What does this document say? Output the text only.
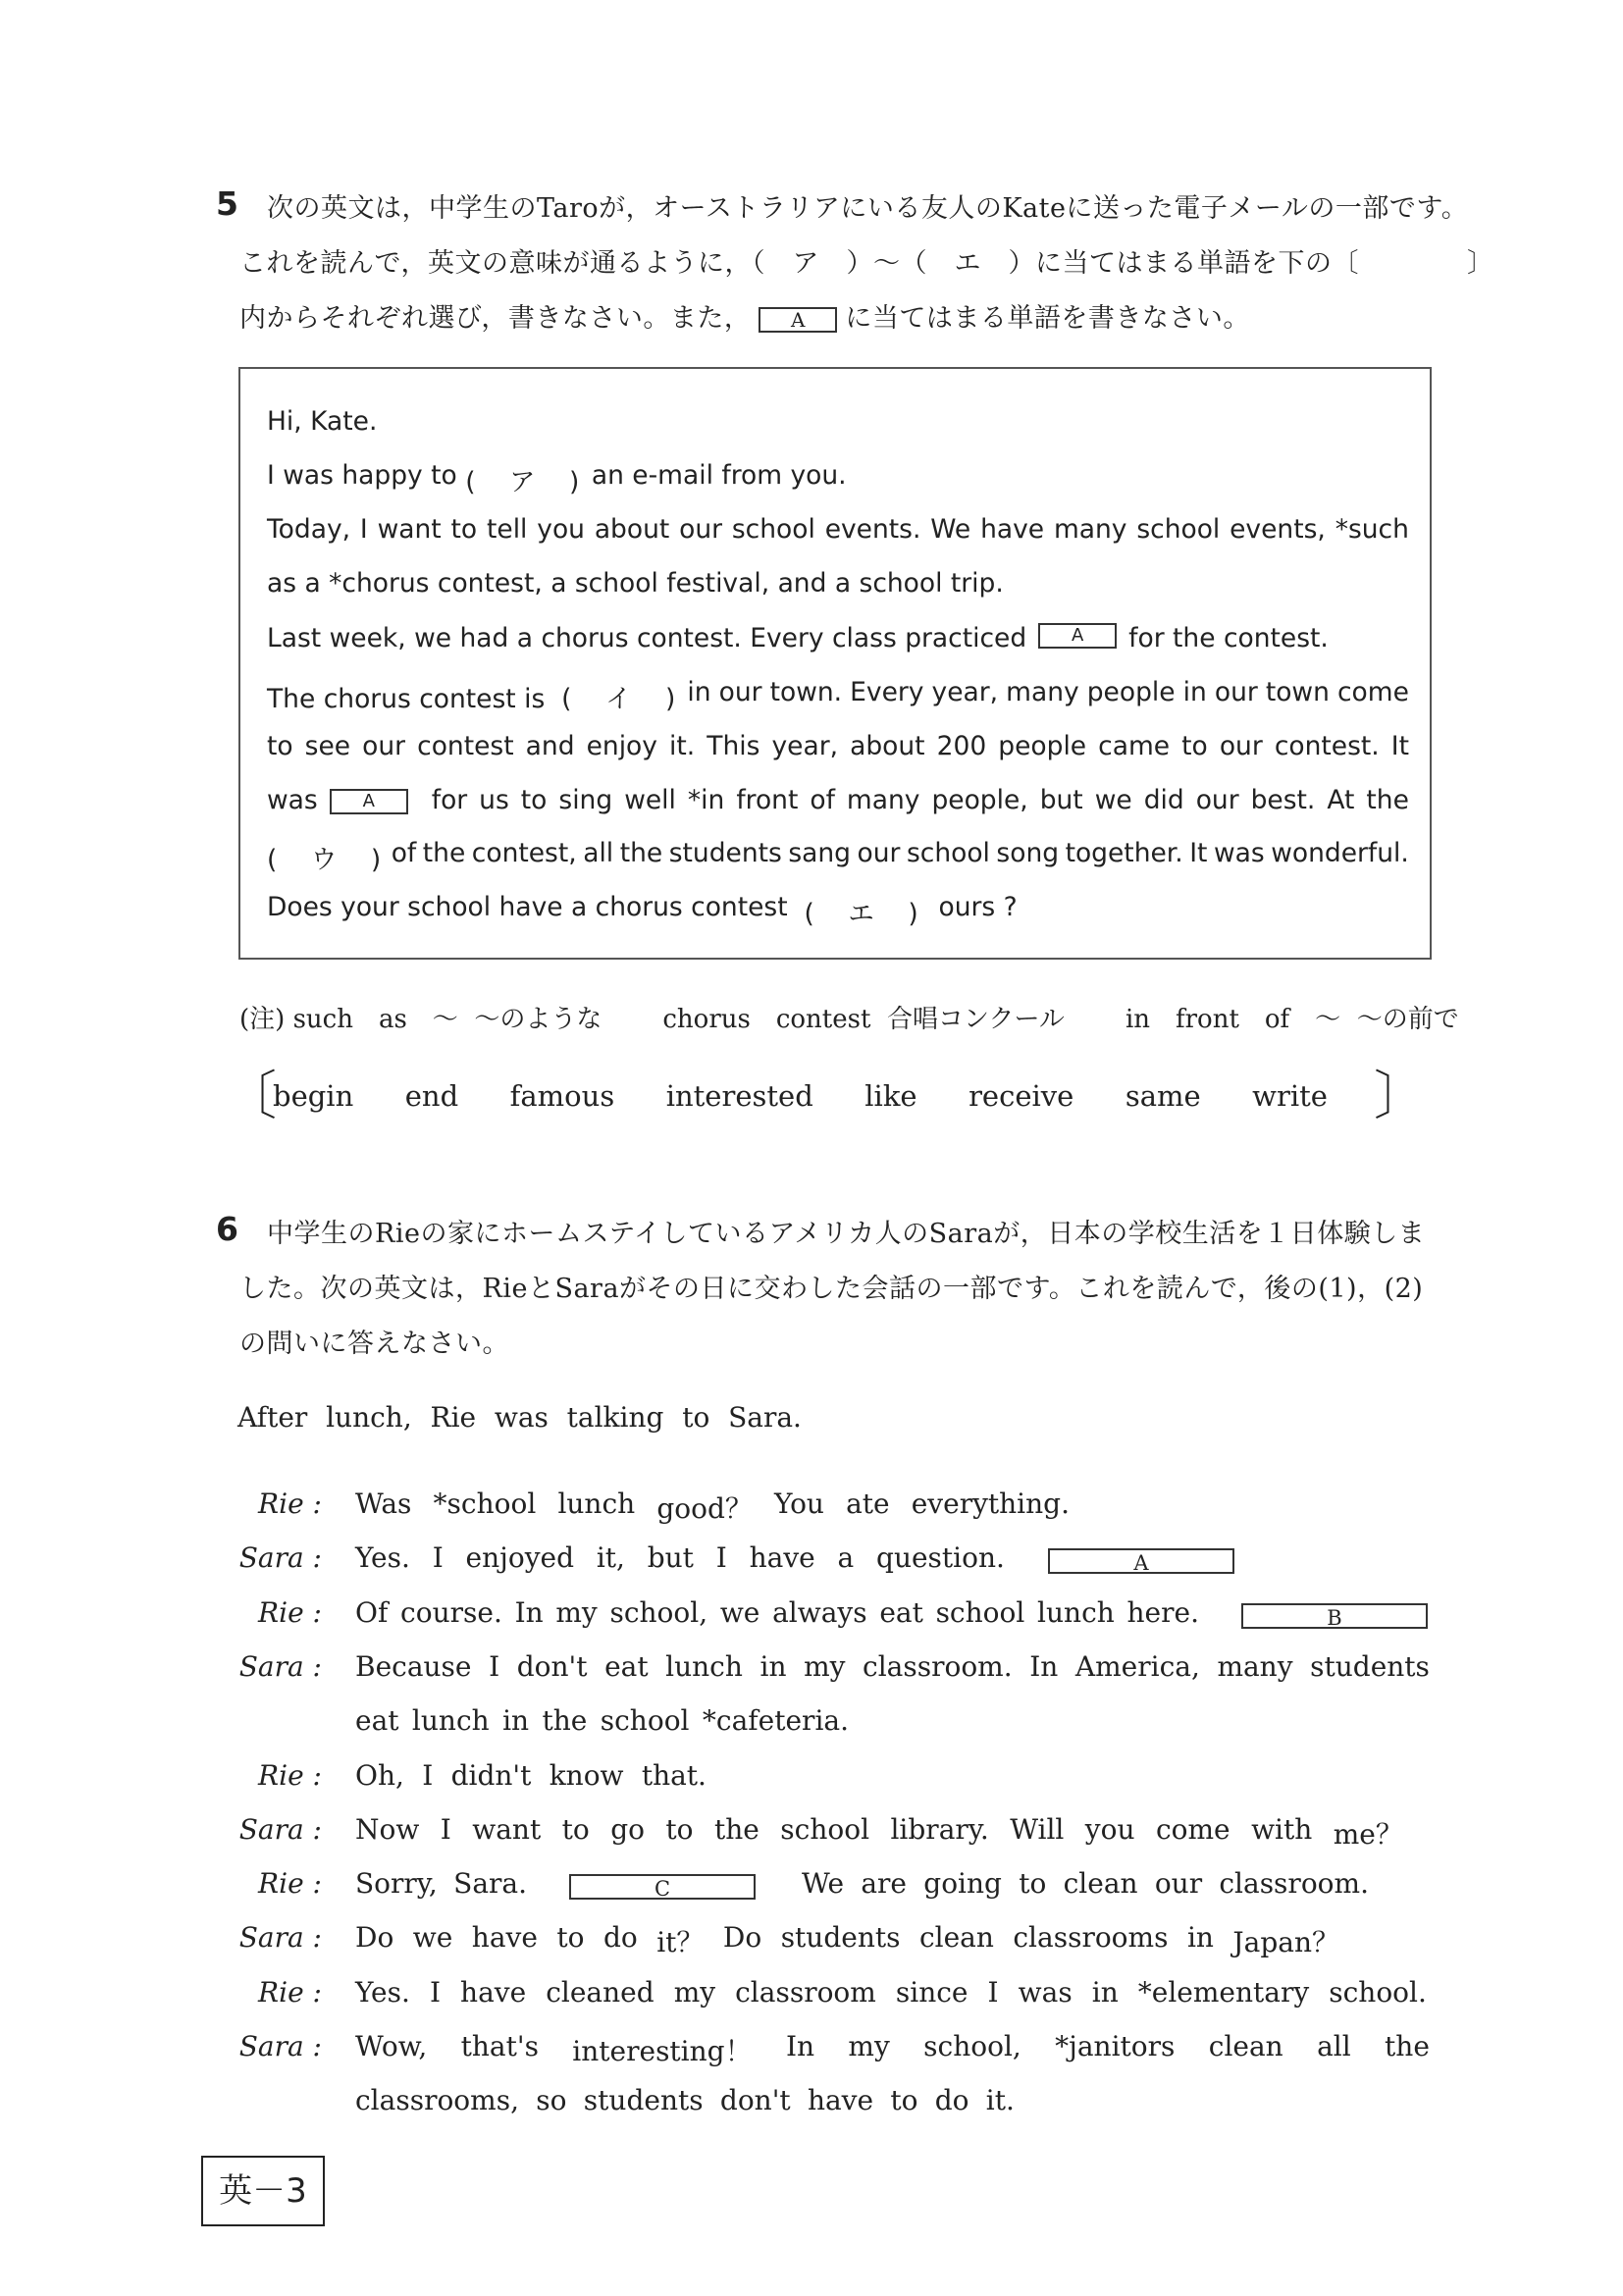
5 次の英文は，中学生のTaroが，オーストラリアにいる友人のKateに送った電子メールの一部です。
これを読んで，英文の意味が通るように，（　ア　）～（　エ　）に当てはまる単語を下の〔　　　　〕
内からそれぞれ選び，書きなさい。また， A に当てはまる単語を書きなさい。
Hi, Kate.
I was happy to
(　ア　)
an e-mail from you.
Today, I want to tell you about our school events. We have many school events, *such
as a *chorus contest, a school festival, and a school trip.
Last week, we had a chorus contest. Every class practiced	A	for the contest.
The chorus contest is (　イ　) in our town. Every year, many people in our town come
to see our contest and enjoy it. This year, about 200 people came to our contest. It
was	A	for us to sing well *in front of many people, but we did our best. At the
(　ウ　) of the contest, all the students sang our school song together. It was wonderful.
Does your school have a chorus contest
(　エ　)
ours ?
(注) such　as　～ ～のような chorus　contest 合唱コンクール in　front　of　～ ～の前で
〔
begin end famous interested like receive same write 〕
6 中学生のRieの家にホームステイしているアメリカ人のSaraが，日本の学校生活を１日体験しま
した。次の英文は，RieとSaraがその日に交わした会話の一部です。これを読んで，後の(1)，(2)
の問いに答えなさい。
After lunch, Rie was talking to Sara.
Rie : Was *school lunch good？ You ate everything.
Sara : Yes. I enjoyed it, but I have a question.	A
Rie : Of course. In my school, we always eat school lunch here.	B
Sara : Because I don't eat lunch in my classroom. In America, many students
eat lunch in the school *cafeteria.
Rie : Oh, I didn't know that.
Sara : Now I want to go to the school library. Will you come with me？
Rie : Sorry, Sara.	We are going to clean our classroom.
C
Sara : Do we have to do it？ Do students clean classrooms in Japan？
Rie : Yes. I have cleaned my classroom since I was in *elementary school.
Sara : Wow, that's interesting！ In my school, *janitors clean all the
classrooms, so students don't have to do it.
英－3
